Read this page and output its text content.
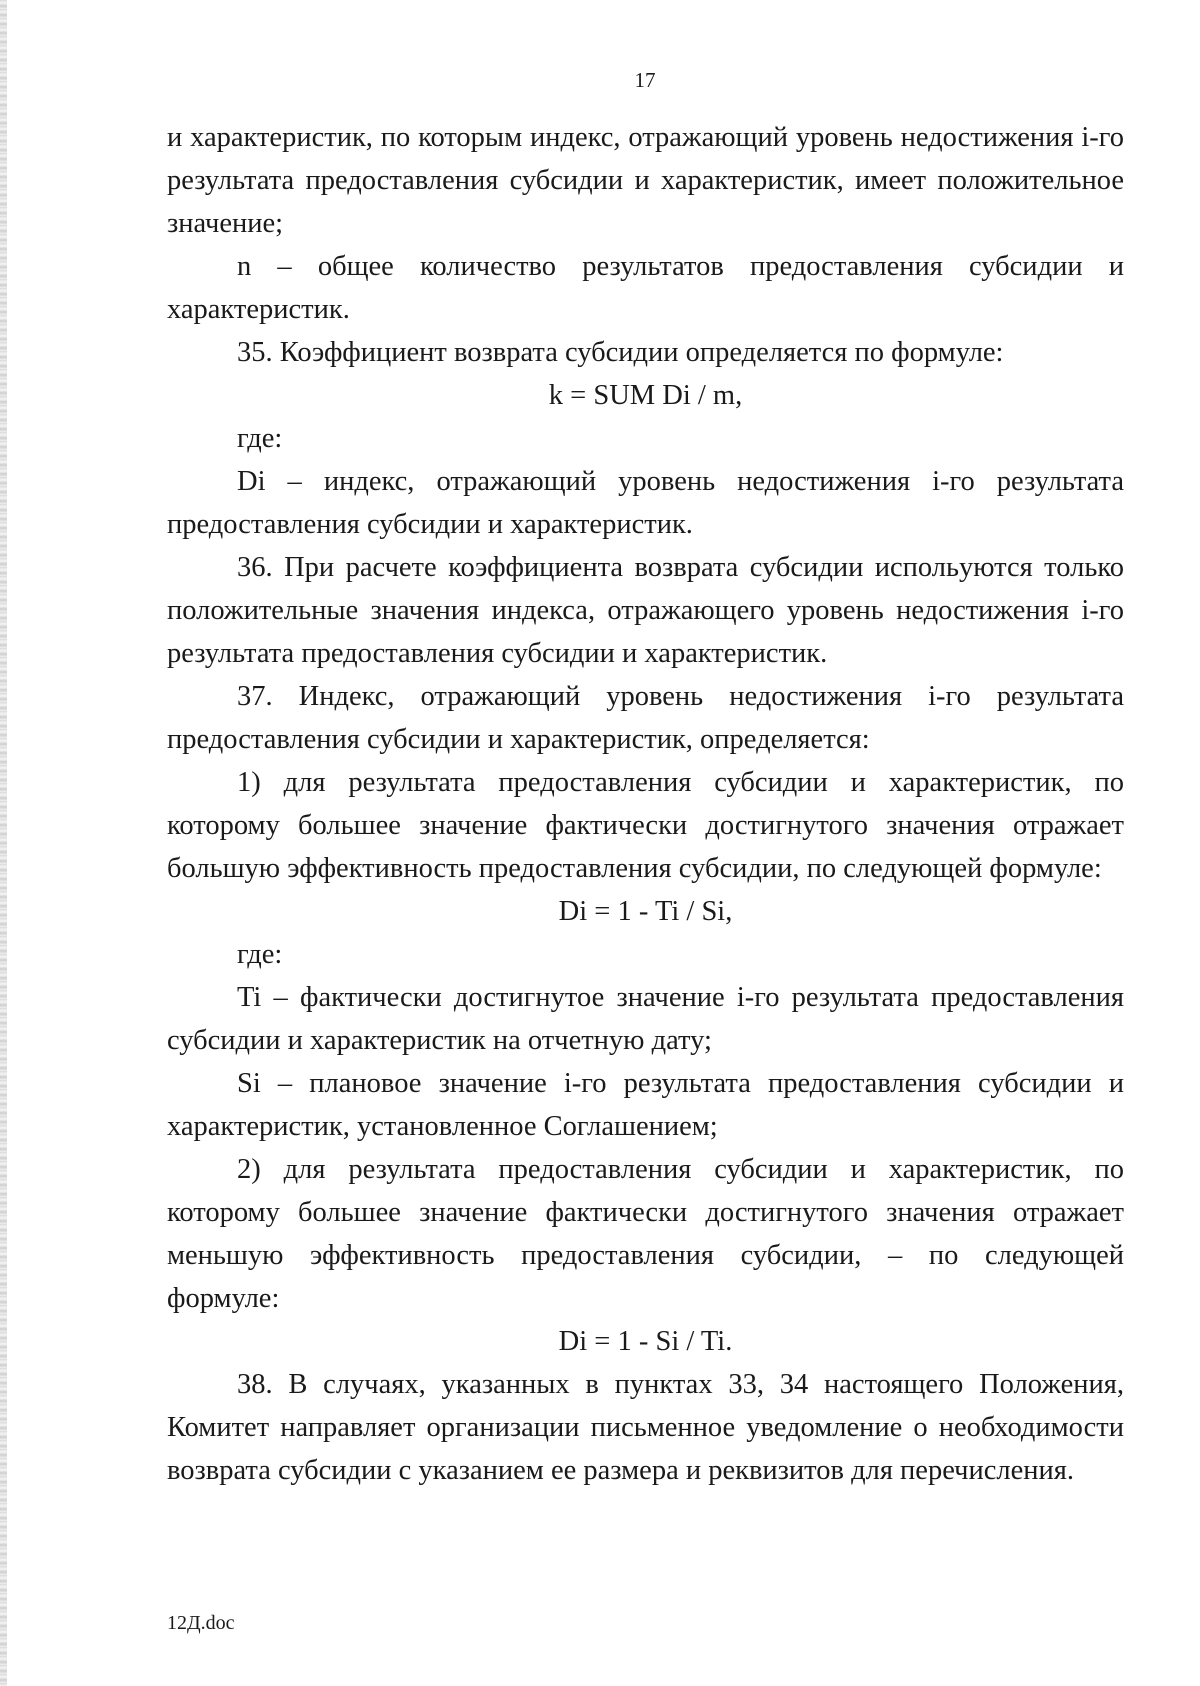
17

и характеристик, по которым индекс, отражающий уровень недостижения i-го результата предоставления субсидии и характеристик, имеет положительное значение;

n – общее количество результатов предоставления субсидии и характеристик.

35. Коэффициент возврата субсидии определяется по формуле:

k = SUM Di / m,

где:

Di – индекс, отражающий уровень недостижения i-го результата предоставления субсидии и характеристик.

36. При расчете коэффициента возврата субсидии испольуются только положительные значения индекса, отражающего уровень недостижения i-го результата предоставления субсидии и характеристик.

37. Индекс, отражающий уровень недостижения i-го результата предоставления субсидии и характеристик, определяется:

1) для результата предоставления субсидии и характеристик, по которому большее значение фактически достигнутого значения отражает большую эффективность предоставления субсидии, по следующей формуле:

Di = 1 - Ti / Si,

где:

Ti – фактически достигнутое значение i-го результата предоставления субсидии и характеристик на отчетную дату;

Si – плановое значение i-го результата предоставления субсидии и характеристик, установленное Соглашением;

2) для результата предоставления субсидии и характеристик, по которому большее значение фактически достигнутого значения отражает меньшую эффективность предоставления субсидии, – по следующей формуле:

Di = 1 - Si / Ti.

38. В случаях, указанных в пунктах 33, 34 настоящего Положения, Комитет направляет организации письменное уведомление о необходимости возврата субсидии с указанием ее размера и реквизитов для перечисления.

12Д.doc
